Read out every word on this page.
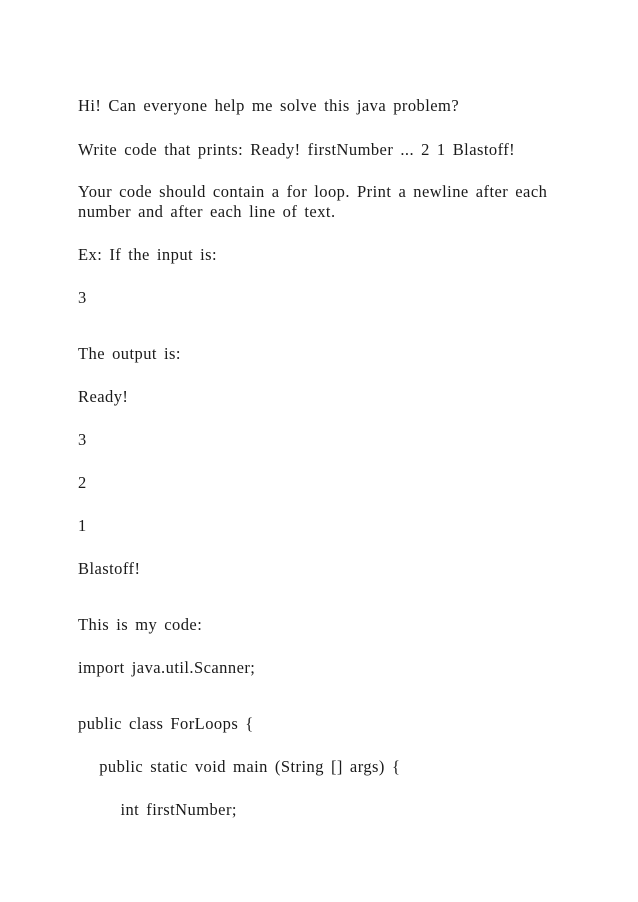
Hi! Can everyone help me solve this java problem?

Write code that prints: Ready! firstNumber ... 2 1 Blastoff!

Your code should contain a for loop. Print a newline after each

number and after each line of text.

Ex: If the input is:

3

The output is:

Ready!

3

2

1

Blastoff!

This is my code:

import java.util.Scanner;

public class ForLoops {

public static void main (String [] args) {

int firstNumber;
